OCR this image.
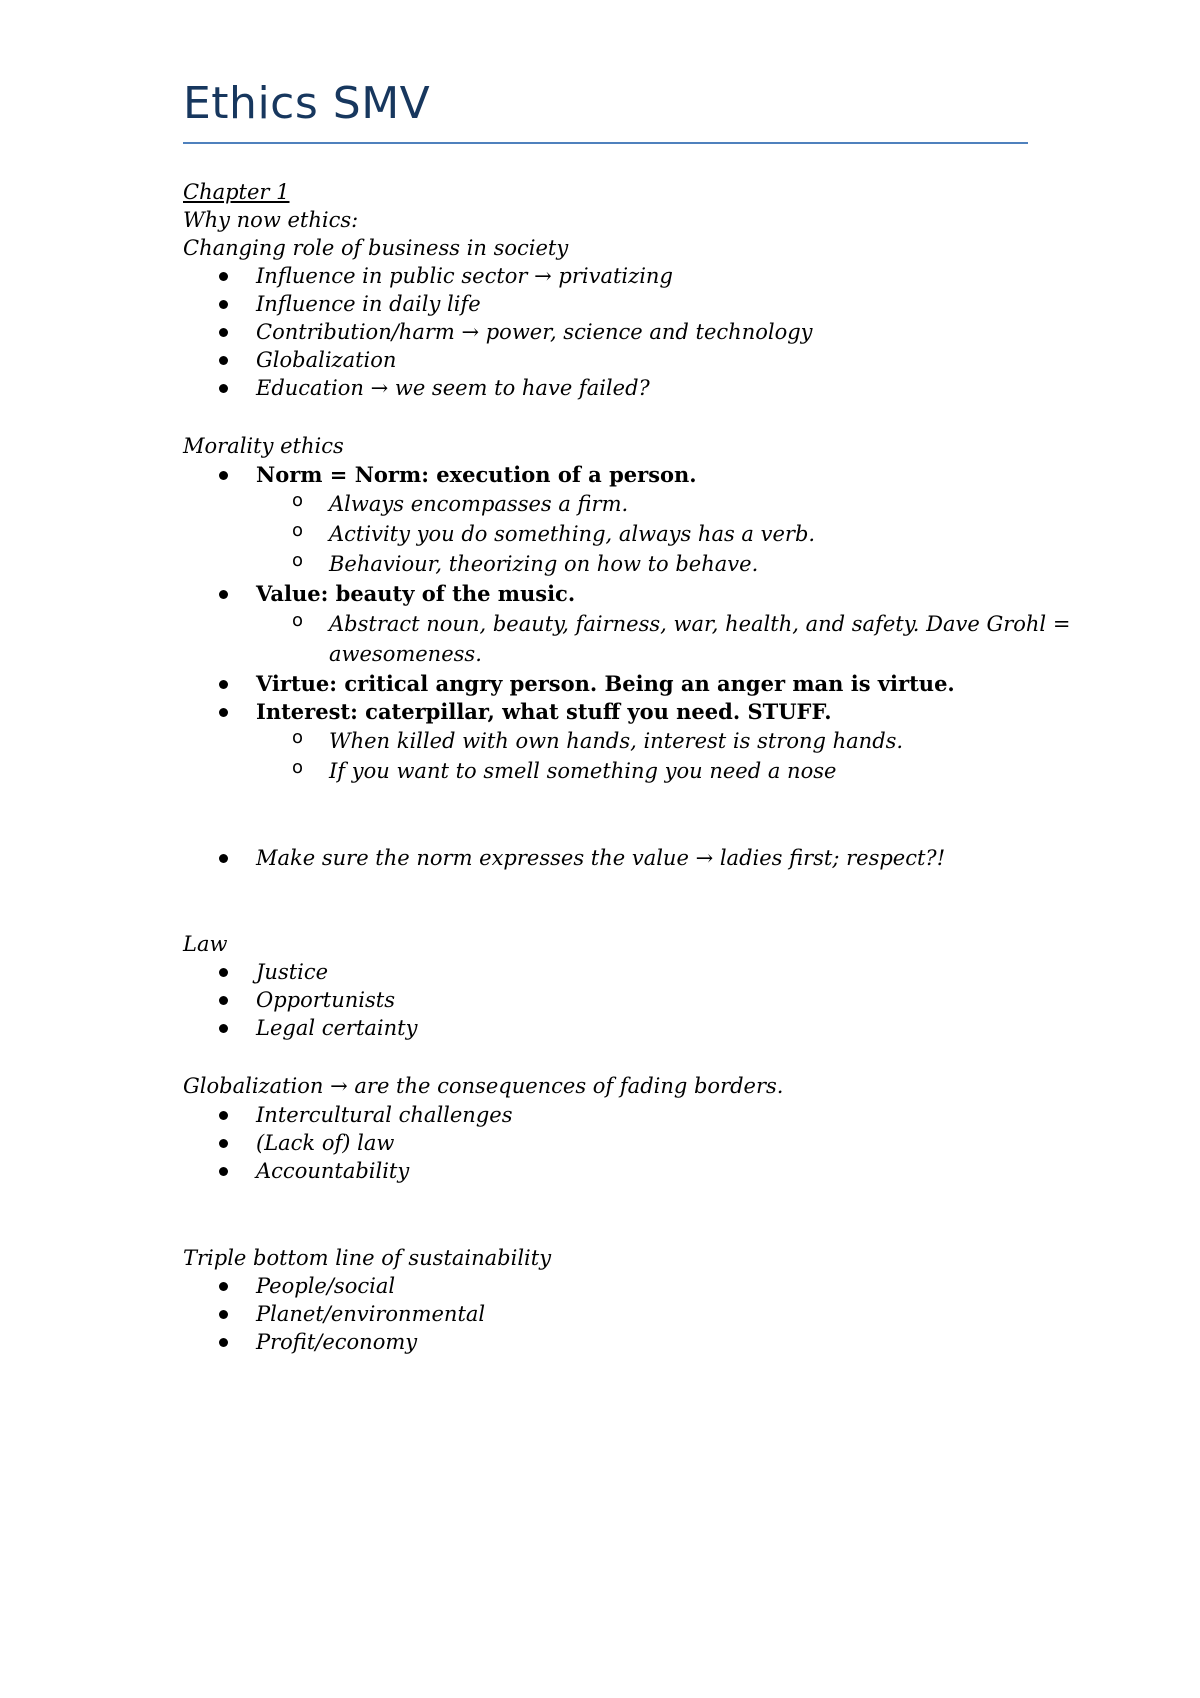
Ethics SMV
Chapter 1
Why now ethics:
Changing role of business in society
Influence in public sector → privatizing
Influence in daily life
Contribution/harm → power, science and technology
Globalization
Education → we seem to have failed?
Morality ethics
Norm = Norm: execution of a person.
o Always encompasses a firm.
o Activity you do something, always has a verb.
o Behaviour, theorizing on how to behave.
Value: beauty of the music.
o Abstract noun, beauty, fairness, war, health, and safety. Dave Grohl =
awesomeness.
Virtue: critical angry person. Being an anger man is virtue.
Interest: caterpillar, what stuff you need. STUFF.
o When killed with own hands, interest is strong hands.
o If you want to smell something you need a nose
Make sure the norm expresses the value → ladies first; respect?!
Law
Justice
Opportunists
Legal certainty
Globalization → are the consequences of fading borders.
Intercultural challenges
(Lack of) law
Accountability
Triple bottom line of sustainability
People/social
Planet/environmental
Profit/economy
